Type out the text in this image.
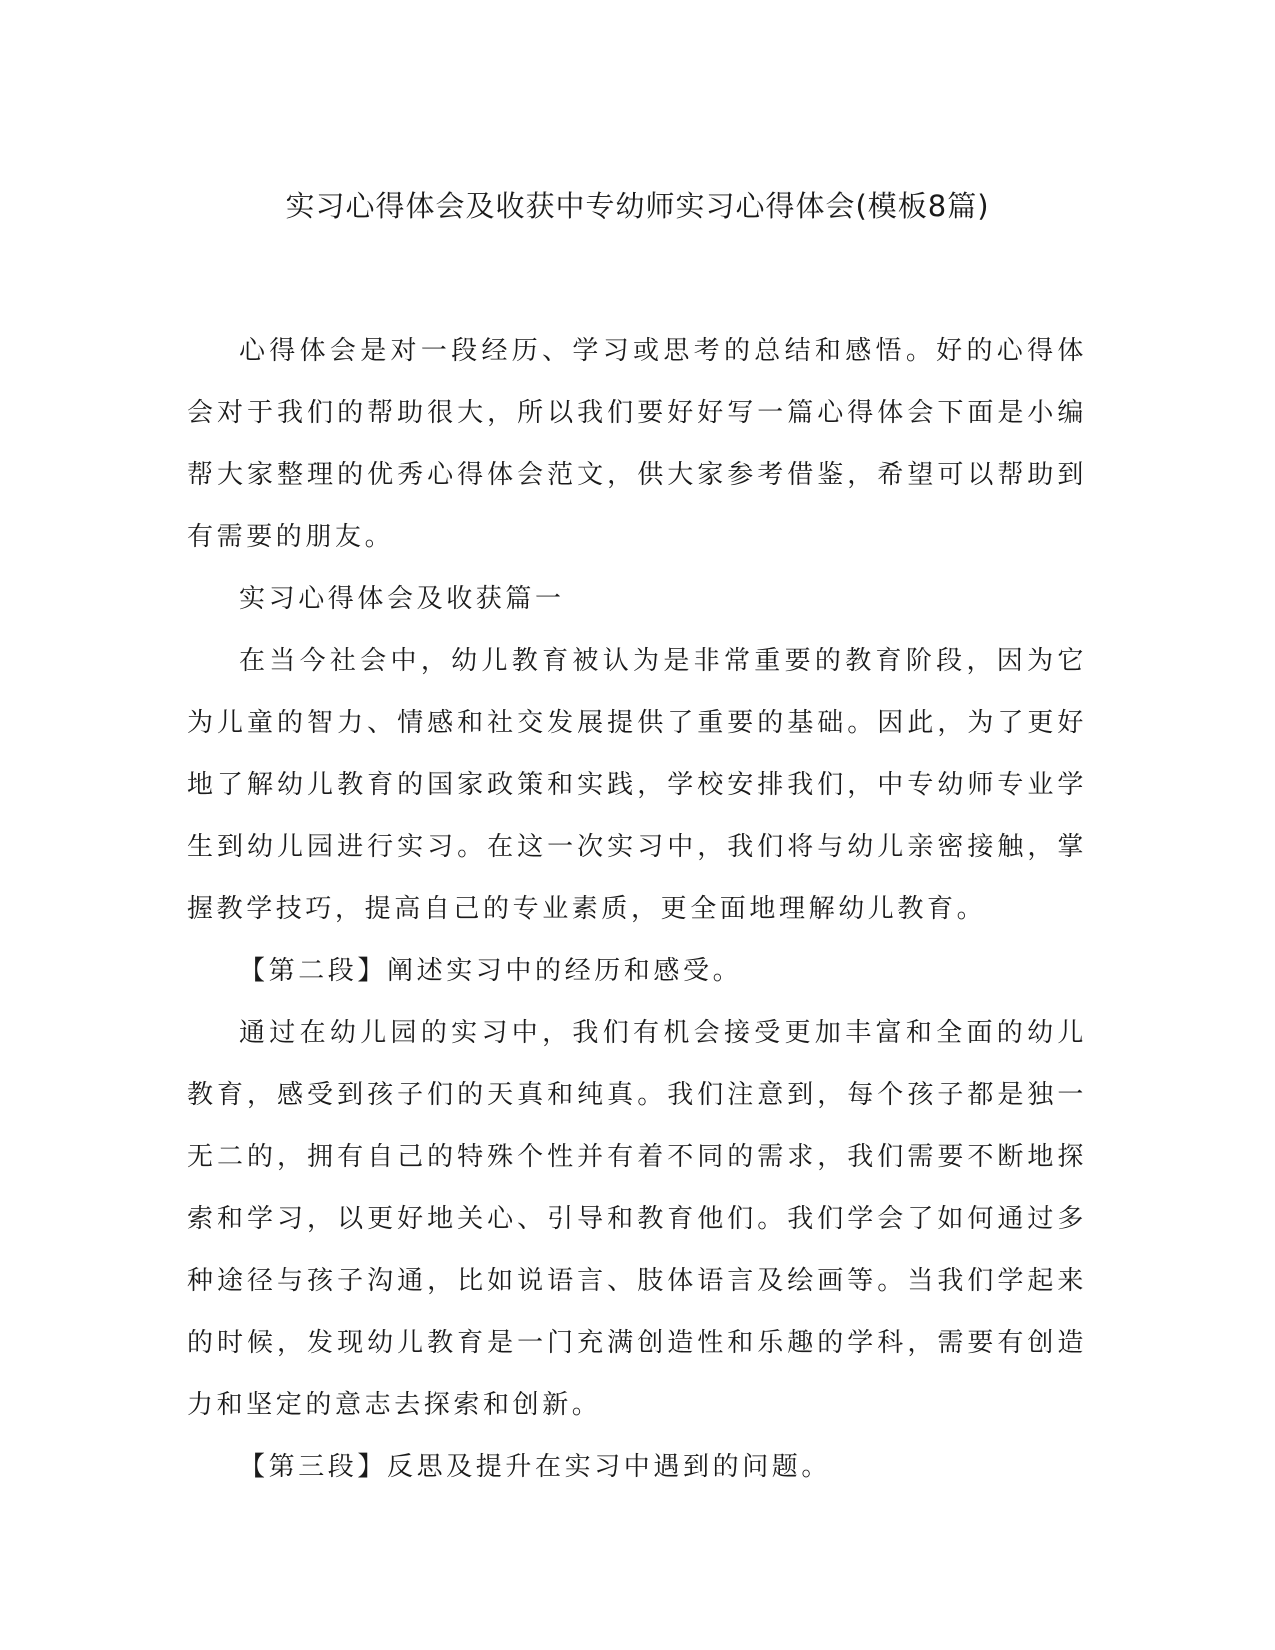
实习心得体会及收获中专幼师实习心得体会(模板8篇)

心得体会是对一段经历、学习或思考的总结和感悟。好的心得体会对于我们的帮助很大，所以我们要好好写一篇心得体会下面是小编帮大家整理的优秀心得体会范文，供大家参考借鉴，希望可以帮助到有需要的朋友。

实习心得体会及收获篇一

在当今社会中，幼儿教育被认为是非常重要的教育阶段，因为它为儿童的智力、情感和社交发展提供了重要的基础。因此，为了更好地了解幼儿教育的国家政策和实践，学校安排我们，中专幼师专业学生到幼儿园进行实习。在这一次实习中，我们将与幼儿亲密接触，掌握教学技巧，提高自己的专业素质，更全面地理解幼儿教育。

【第二段】阐述实习中的经历和感受。

通过在幼儿园的实习中，我们有机会接受更加丰富和全面的幼儿教育，感受到孩子们的天真和纯真。我们注意到，每个孩子都是独一无二的，拥有自己的特殊个性并有着不同的需求，我们需要不断地探索和学习，以更好地关心、引导和教育他们。我们学会了如何通过多种途径与孩子沟通，比如说语言、肢体语言及绘画等。当我们学起来的时候，发现幼儿教育是一门充满创造性和乐趣的学科，需要有创造力和坚定的意志去探索和创新。

【第三段】反思及提升在实习中遇到的问题。
